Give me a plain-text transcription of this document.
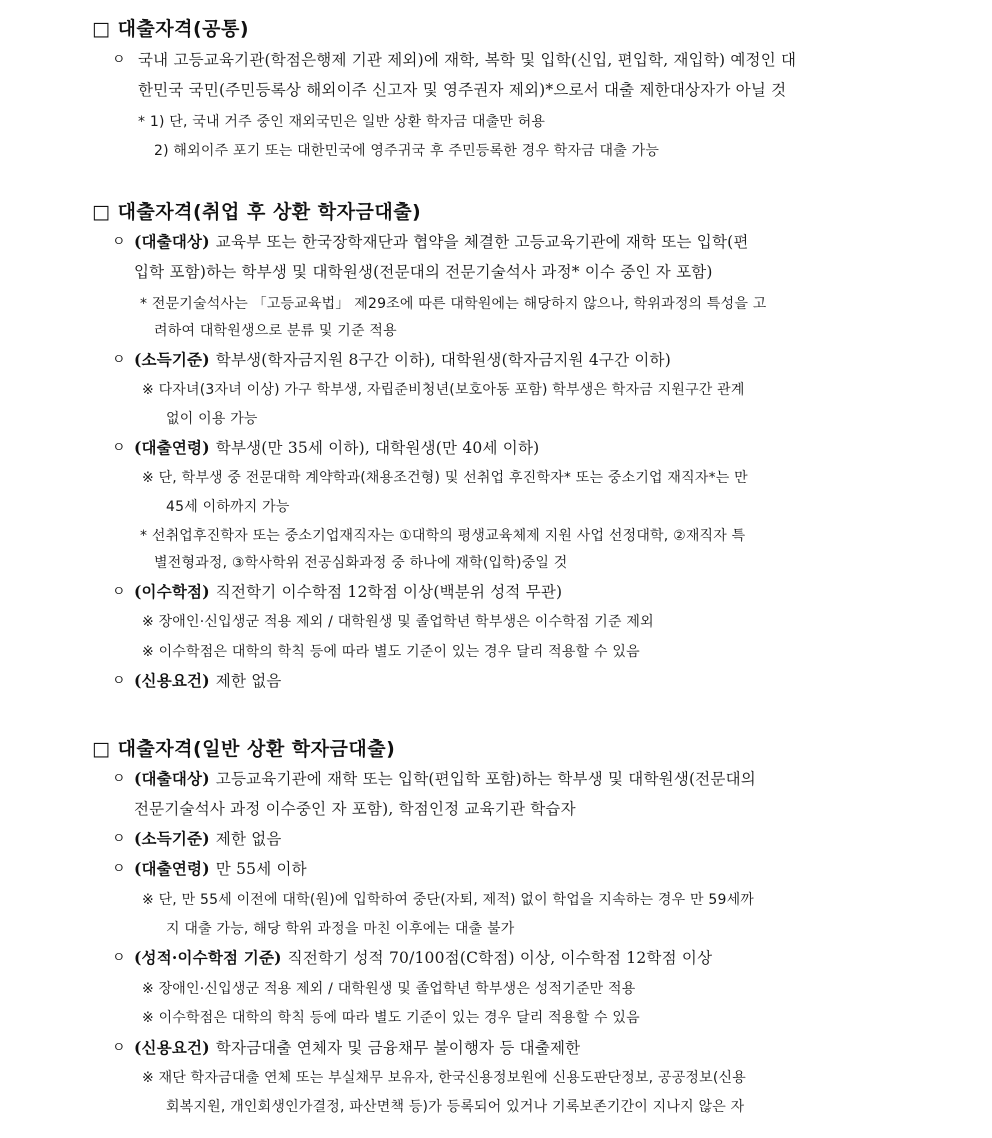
□ 대출자격(공통)
ㅇ 국내 고등교육기관(학점은행제 기관 제외)에 재학, 복학 및 입학(신입, 편입학, 재입학) 예정인 대
한민국 국민(주민등록상 해외이주 신고자 및 영주권자 제외)*으로서 대출 제한대상자가 아닐 것
* 1) 단, 국내 거주 중인 재외국민은 일반 상환 학자금 대출만 허용
2) 해외이주 포기 또는 대한민국에 영주귀국 후 주민등록한 경우 학자금 대출 가능
□ 대출자격(취업 후 상환 학자금대출)
ㅇ (대출대상) 교육부 또는 한국장학재단과 협약을 체결한 고등교육기관에 재학 또는 입학(편
입학 포함)하는 학부생 및 대학원생(전문대의 전문기술석사 과정* 이수 중인 자 포함)
* 전문기술석사는 「고등교육법」 제29조에 따른 대학원에는 해당하지 않으나, 학위과정의 특성을 고
려하여 대학원생으로 분류 및 기준 적용
ㅇ (소득기준) 학부생(학자금지원 8구간 이하), 대학원생(학자금지원 4구간 이하)
※ 다자녀(3자녀 이상) 가구 학부생, 자립준비청년(보호아동 포함) 학부생은 학자금 지원구간 관계
없이 이용 가능
ㅇ (대출연령) 학부생(만 35세 이하), 대학원생(만 40세 이하)
※ 단, 학부생 중 전문대학 계약학과(채용조건형) 및 선취업 후진학자* 또는 중소기업 재직자*는 만
45세 이하까지 가능
* 선취업후진학자 또는 중소기업재직자는 ①대학의 평생교육체제 지원 사업 선정대학, ②재직자 특
별전형과정, ③학사학위 전공심화과정 중 하나에 재학(입학)중일 것
ㅇ (이수학점) 직전학기 이수학점 12학점 이상(백분위 성적 무관)
※ 장애인·신입생군 적용 제외 / 대학원생 및 졸업학년 학부생은 이수학점 기준 제외
※ 이수학점은 대학의 학칙 등에 따라 별도 기준이 있는 경우 달리 적용할 수 있음
ㅇ (신용요건) 제한 없음
□ 대출자격(일반 상환 학자금대출)
ㅇ (대출대상) 고등교육기관에 재학 또는 입학(편입학 포함)하는 학부생 및 대학원생(전문대의
전문기술석사 과정 이수중인 자 포함), 학점인정 교육기관 학습자
ㅇ (소득기준) 제한 없음
ㅇ (대출연령) 만 55세 이하
※ 단, 만 55세 이전에 대학(원)에 입학하여 중단(자퇴, 제적) 없이 학업을 지속하는 경우 만 59세까
지 대출 가능, 해당 학위 과정을 마친 이후에는 대출 불가
ㅇ (성적·이수학점 기준) 직전학기 성적 70/100점(C학점) 이상, 이수학점 12학점 이상
※ 장애인·신입생군 적용 제외 / 대학원생 및 졸업학년 학부생은 성적기준만 적용
※ 이수학점은 대학의 학칙 등에 따라 별도 기준이 있는 경우 달리 적용할 수 있음
ㅇ (신용요건) 학자금대출 연체자 및 금융채무 불이행자 등 대출제한
※ 재단 학자금대출 연체 또는 부실채무 보유자, 한국신용정보원에 신용도판단정보, 공공정보(신용
회복지원, 개인회생인가결정, 파산면책 등)가 등록되어 있거나 기록보존기간이 지나지 않은 자
